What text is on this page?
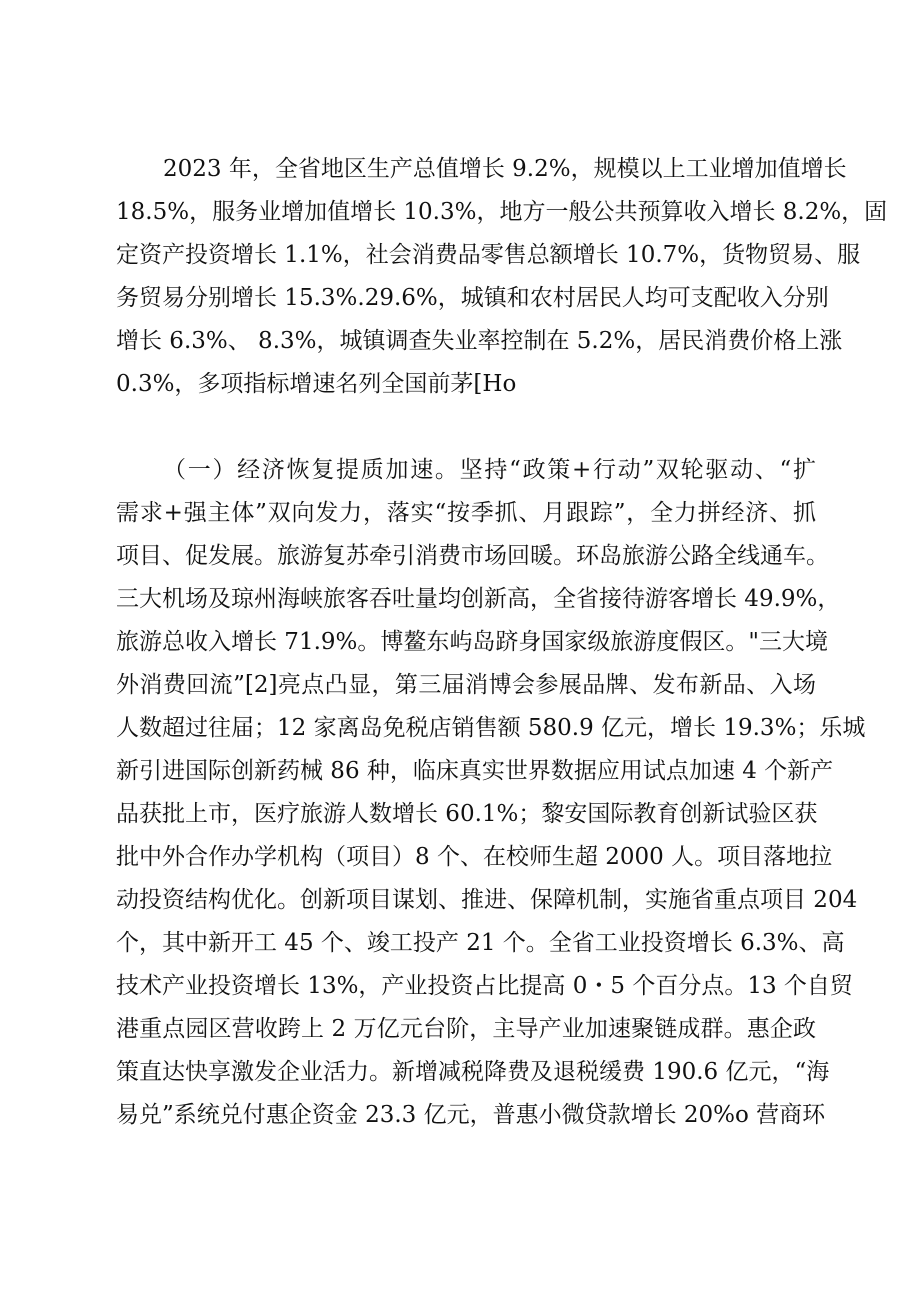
2023 年，全省地区生产总值增长 9.2%，规模以上工业增加值增长
18.5%，服务业增加值增长 10.3%，地方一般公共预算收入增长 8.2%，固
定资产投资增长 1.1%，社会消费品零售总额增长 10.7%，货物贸易、服
务贸易分别增长 15.3%.29.6%，城镇和农村居民人均可支配收入分别
增长 6.3%、 8.3%，城镇调查失业率控制在 5.2%，居民消费价格上涨
0.3%，多项指标增速名列全国前茅[Ho
（一）经济恢复提质加速。坚持“政策+行动”双轮驱动、“扩
需求+强主体”双向发力，落实“按季抓、月跟踪”，全力拼经济、抓
项目、促发展。旅游复苏牵引消费市场回暖。环岛旅游公路全线通车。
三大机场及琼州海峡旅客吞吐量均创新高，全省接待游客增长 49.9%，
旅游总收入增长 71.9%。博鳌东屿岛跻身国家级旅游度假区。"三大境
外消费回流”[2]亮点凸显，第三届消博会参展品牌、发布新品、入场
人数超过往届；12 家离岛免税店销售额 580.9 亿元，增长 19.3%；乐城
新引进国际创新药械 86 种，临床真实世界数据应用试点加速 4 个新产
品获批上市，医疗旅游人数增长 60.1%；黎安国际教育创新试验区获
批中外合作办学机构（项目）8 个、在校师生超 2000 人。项目落地拉
动投资结构优化。创新项目谋划、推进、保障机制，实施省重点项目 204
个，其中新开工 45 个、竣工投产 21 个。全省工业投资增长 6.3%、高
技术产业投资增长 13%，产业投资占比提高 0・5 个百分点。13 个自贸
港重点园区营收跨上 2 万亿元台阶，主导产业加速聚链成群。惠企政
策直达快享激发企业活力。新增减税降费及退税缓费 190.6 亿元，“海
易兑”系统兑付惠企资金 23.3 亿元，普惠小微贷款增长 20%o 营商环
